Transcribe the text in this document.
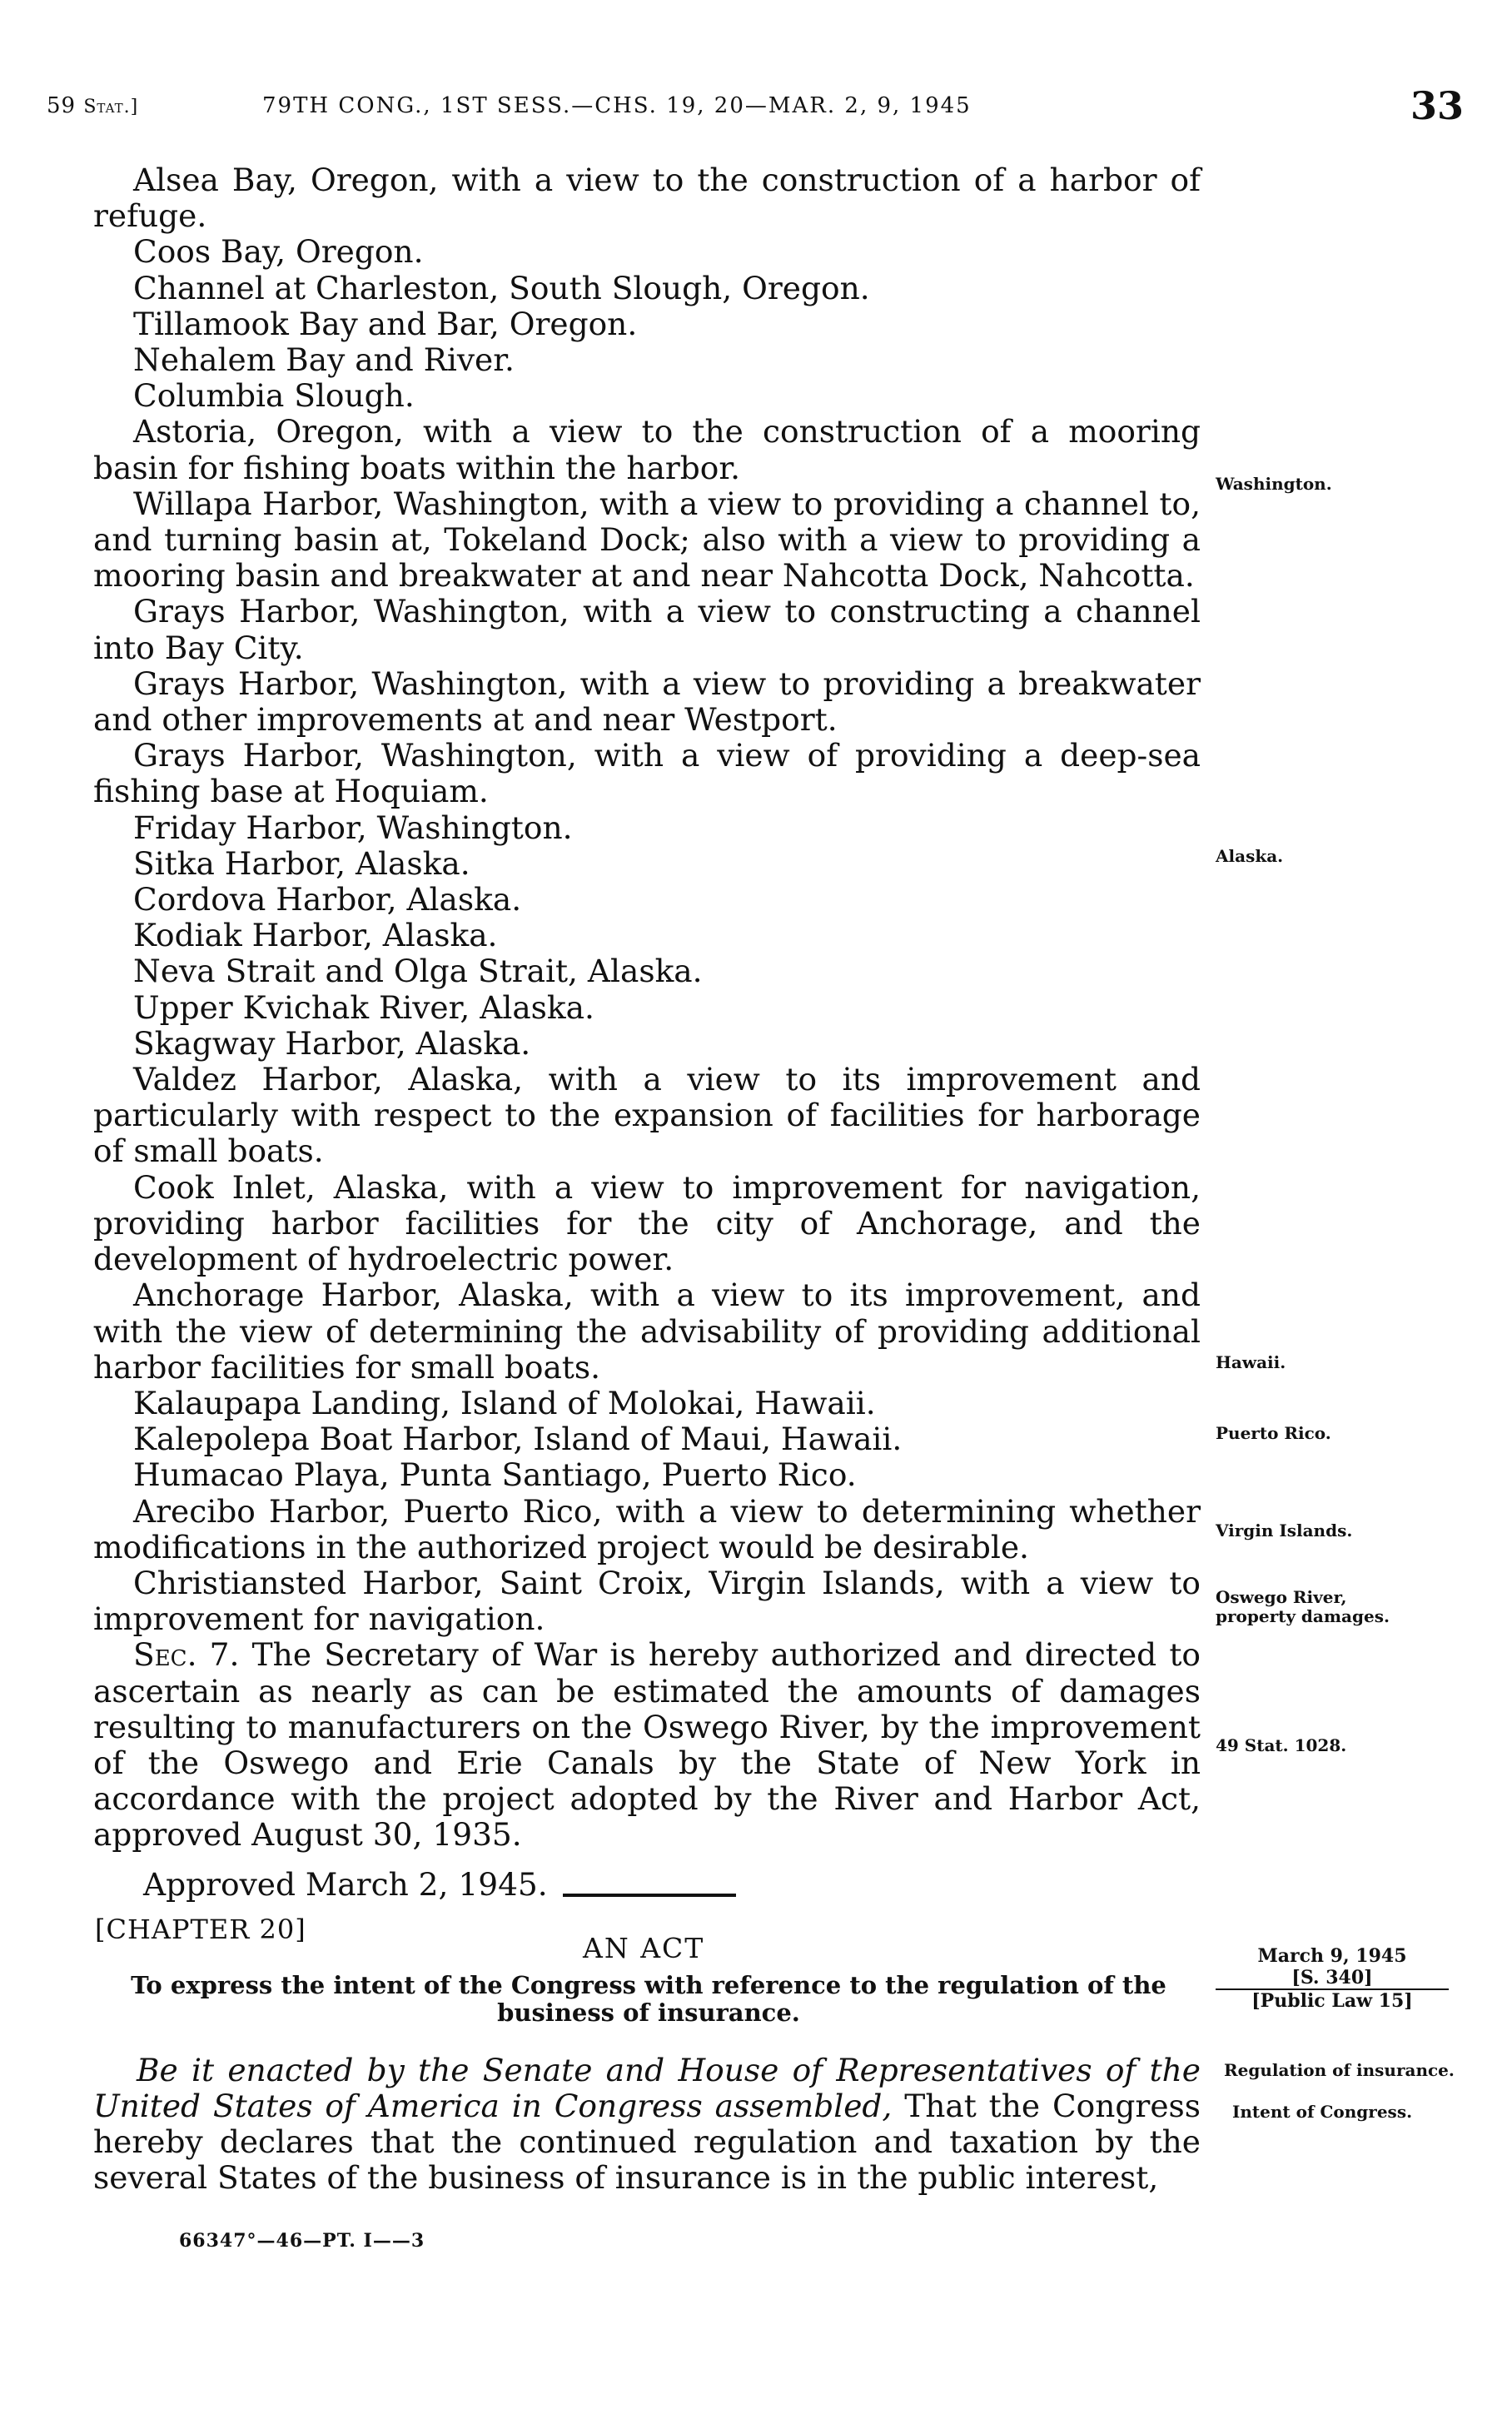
59 Stat.]	79TH CONG., 1ST SESS.—CHS. 19, 20—MAR. 2, 9, 1945	33

Alsea Bay, Oregon, with a view to the construction of a harbor of refuge.

Coos Bay, Oregon.

Channel at Charleston, South Slough, Oregon.

Tillamook Bay and Bar, Oregon.

Nehalem Bay and River.

Columbia Slough.

Astoria, Oregon, with a view to the construction of a mooring basin for fishing boats within the harbor.

Willapa Harbor, Washington, with a view to providing a channel to, and turning basin at, Tokeland Dock; also with a view to providing a mooring basin and breakwater at and near Nahcotta Dock, Nahcotta.

Grays Harbor, Washington, with a view to constructing a channel into Bay City.

Grays Harbor, Washington, with a view to providing a breakwater and other improvements at and near Westport.

Grays Harbor, Washington, with a view of providing a deep-sea fishing base at Hoquiam.

Friday Harbor, Washington.

Sitka Harbor, Alaska.

Cordova Harbor, Alaska.

Kodiak Harbor, Alaska.

Neva Strait and Olga Strait, Alaska.

Upper Kvichak River, Alaska.

Skagway Harbor, Alaska.

Valdez Harbor, Alaska, with a view to its improvement and particularly with respect to the expansion of facilities for harborage of small boats.

Cook Inlet, Alaska, with a view to improvement for navigation, providing harbor facilities for the city of Anchorage, and the development of hydroelectric power.

Anchorage Harbor, Alaska, with a view to its improvement, and with the view of determining the advisability of providing additional harbor facilities for small boats.

Kalaupapa Landing, Island of Molokai, Hawaii.

Kalepolepa Boat Harbor, Island of Maui, Hawaii.

Humacao Playa, Punta Santiago, Puerto Rico.

Arecibo Harbor, Puerto Rico, with a view to determining whether modifications in the authorized project would be desirable.

Christiansted Harbor, Saint Croix, Virgin Islands, with a view to improvement for navigation.

Sec. 7. The Secretary of War is hereby authorized and directed to ascertain as nearly as can be estimated the amounts of damages resulting to manufacturers on the Oswego River, by the improvement of the Oswego and Erie Canals by the State of New York in accordance with the project adopted by the River and Harbor Act, approved August 30, 1935.

Approved March 2, 1945.

Washington.
Alaska.
Hawaii.
Puerto Rico.
Virgin Islands.
Oswego River, property damages.
49 Stat. 1028.
[CHAPTER 20]
AN ACT
To express the intent of the Congress with reference to the regulation of the business of insurance.
March 9, 1945
[S. 340]
[Public Law 15]

Be it enacted by the Senate and House of Representatives of the United States of America in Congress assembled, That the Congress hereby declares that the continued regulation and taxation by the several States of the business of insurance is in the public interest,

Regulation of insurance.
Intent of Congress.
66347°—46—PT. I——3
